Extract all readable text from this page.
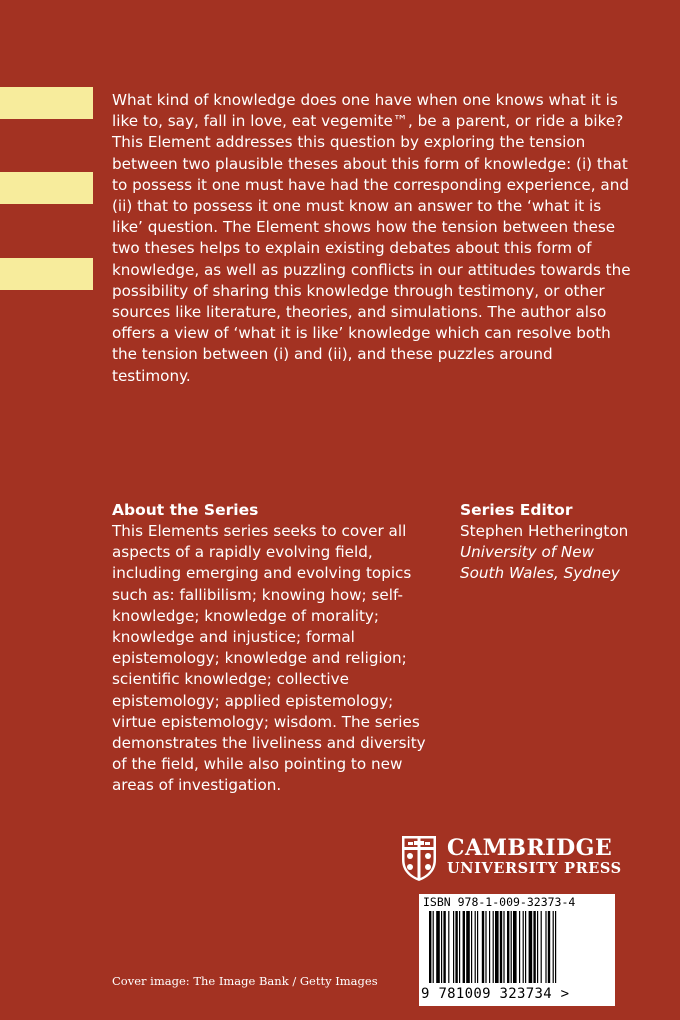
What kind of knowledge does one have when one knows what it is like to, say, fall in love, eat vegemite™, be a parent, or ride a bike? This Element addresses this question by exploring the tension between two plausible theses about this form of knowledge: (i) that to possess it one must have had the corresponding experience, and (ii) that to possess it one must know an answer to the ‘what it is like’ question. The Element shows how the tension between these two theses helps to explain existing debates about this form of knowledge, as well as puzzling conflicts in our attitudes towards the possibility of sharing this knowledge through testimony, or other sources like literature, theories, and simulations. The author also offers a view of ‘what it is like’ knowledge which can resolve both the tension between (i) and (ii), and these puzzles around testimony.

About the Series

This Elements series seeks to cover all aspects of a rapidly evolving field, including emerging and evolving topics such as: fallibilism; knowing how; self-knowledge; knowledge of morality; knowledge and injustice; formal epistemology; knowledge and religion; scientific knowledge; collective epistemology; applied epistemology; virtue epistemology; wisdom. The series demonstrates the liveliness and diversity of the field, while also pointing to new areas of investigation.

Series Editor
Stephen Hetherington
University of New South Wales, Sydney
CAMBRIDGE
UNIVERSITY PRESS
ISBN 978-1-009-32373-4
9 781009 323734 >
Cover image: The Image Bank / Getty Images
